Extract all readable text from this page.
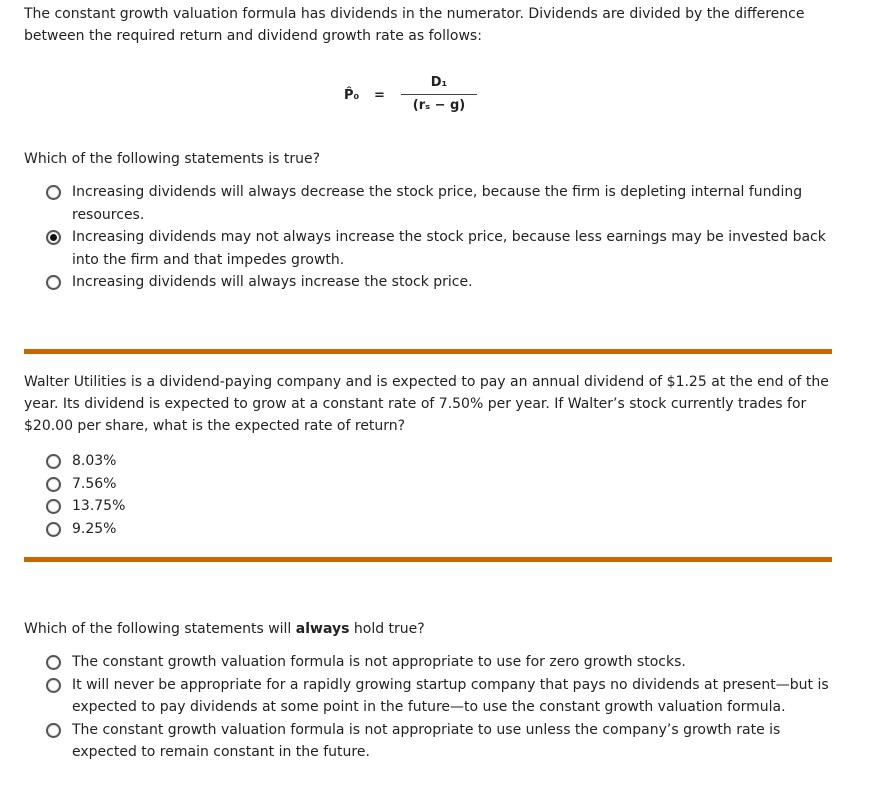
The constant growth valuation formula has dividends in the numerator. Dividends are divided by the difference between the required return and dividend growth rate as follows:

P̂₀ =
D₁
(rₛ − g)

Which of the following statements is true?

Increasing dividends will always decrease the stock price, because the firm is depleting internal funding resources.
Increasing dividends may not always increase the stock price, because less earnings may be invested back into the firm and that impedes growth.
Increasing dividends will always increase the stock price.

Walter Utilities is a dividend-paying company and is expected to pay an annual dividend of $1.25 at the end of the year. Its dividend is expected to grow at a constant rate of 7.50% per year. If Walter’s stock currently trades for $20.00 per share, what is the expected rate of return?

8.03%
7.56%
13.75%
9.25%

Which of the following statements will always hold true?

The constant growth valuation formula is not appropriate to use for zero growth stocks.
It will never be appropriate for a rapidly growing startup company that pays no dividends at present—but is expected to pay dividends at some point in the future—to use the constant growth valuation formula.
The constant growth valuation formula is not appropriate to use unless the company’s growth rate is expected to remain constant in the future.
